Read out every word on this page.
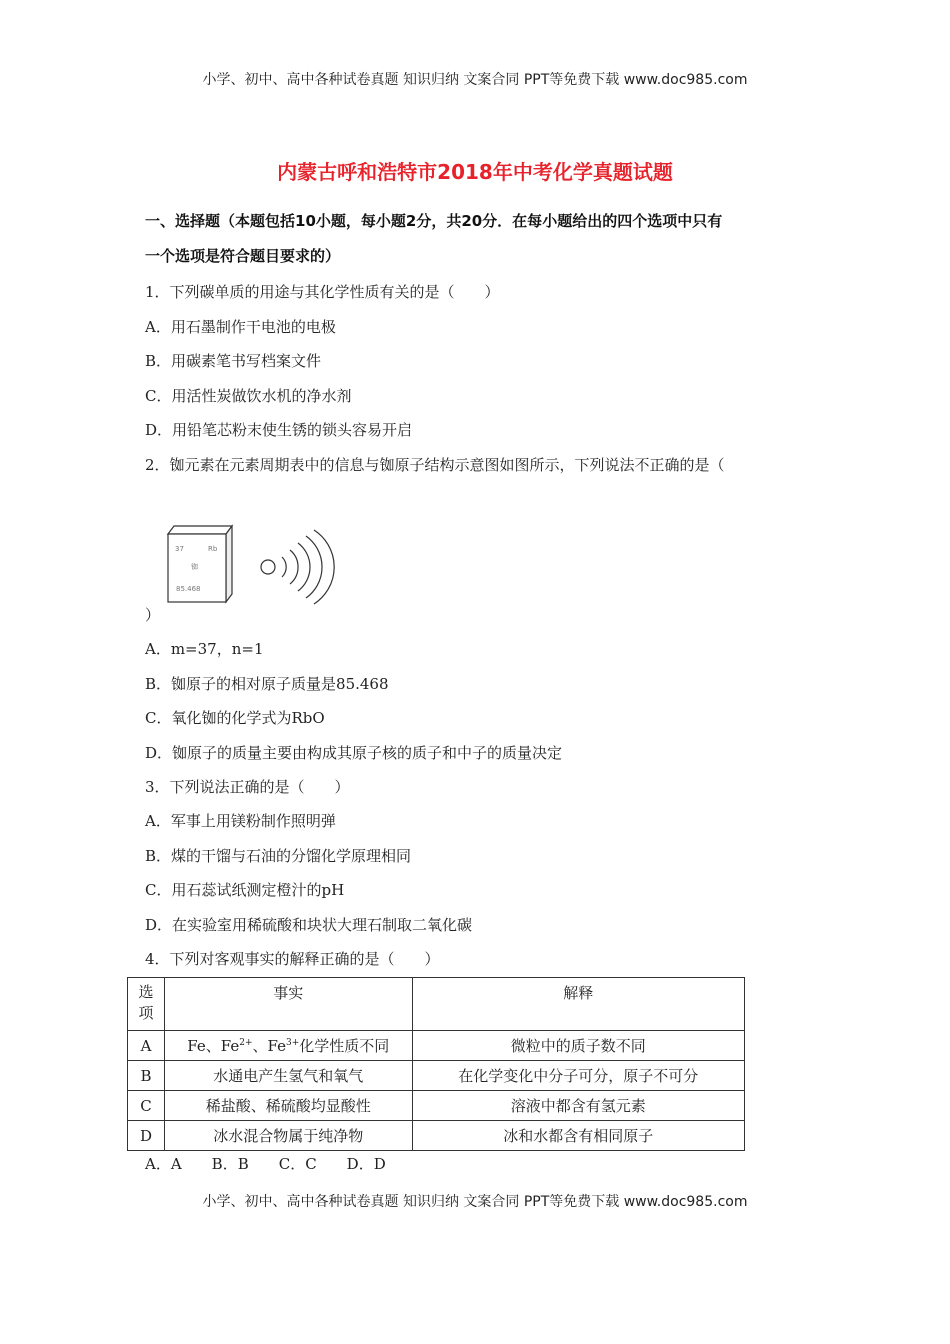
小学、初中、高中各种试卷真题 知识归纳 文案合同 PPT等免费下载 www.doc985.com
内蒙古呼和浩特市2018年中考化学真题试题
一、选择题（本题包括10小题，每小题2分，共20分．在每小题给出的四个选项中只有
一个选项是符合题目要求的）
1．下列碳单质的用途与其化学性质有关的是（　　）
A．用石墨制作干电池的电极
B．用碳素笔书写档案文件
C．用活性炭做饮水机的净水剂
D．用铅笔芯粉末使生锈的锁头容易开启
2．铷元素在元素周期表中的信息与铷原子结构示意图如图所示，下列说法不正确的是（
37	Rb
铷
85.468
）
A．m=37，n=1
B．铷原子的相对原子质量是85.468
C．氧化铷的化学式为RbO
D．铷原子的质量主要由构成其原子核的质子和中子的质量决定
3．下列说法正确的是（　　）
A．军事上用镁粉制作照明弹
B．煤的干馏与石油的分馏化学原理相同
C．用石蕊试纸测定橙汁的pH
D．在实验室用稀硫酸和块状大理石制取二氧化碳
4．下列对客观事实的解释正确的是（　　）
选项	事实	解释
A	Fe、$Fe^{2+}$、$Fe^{3+}$化学性质不同	微粒中的质子数不同
B	水通电产生氢气和氧气	在化学变化中分子可分，原子不可分
C	稀盐酸、稀硫酸均显酸性	溶液中都含有氢元素
D	冰水混合物属于纯净物	冰和水都含有相同原子
A．A　　B．B　　C．C　　D．D
小学、初中、高中各种试卷真题 知识归纳 文案合同 PPT等免费下载 www.doc985.com
